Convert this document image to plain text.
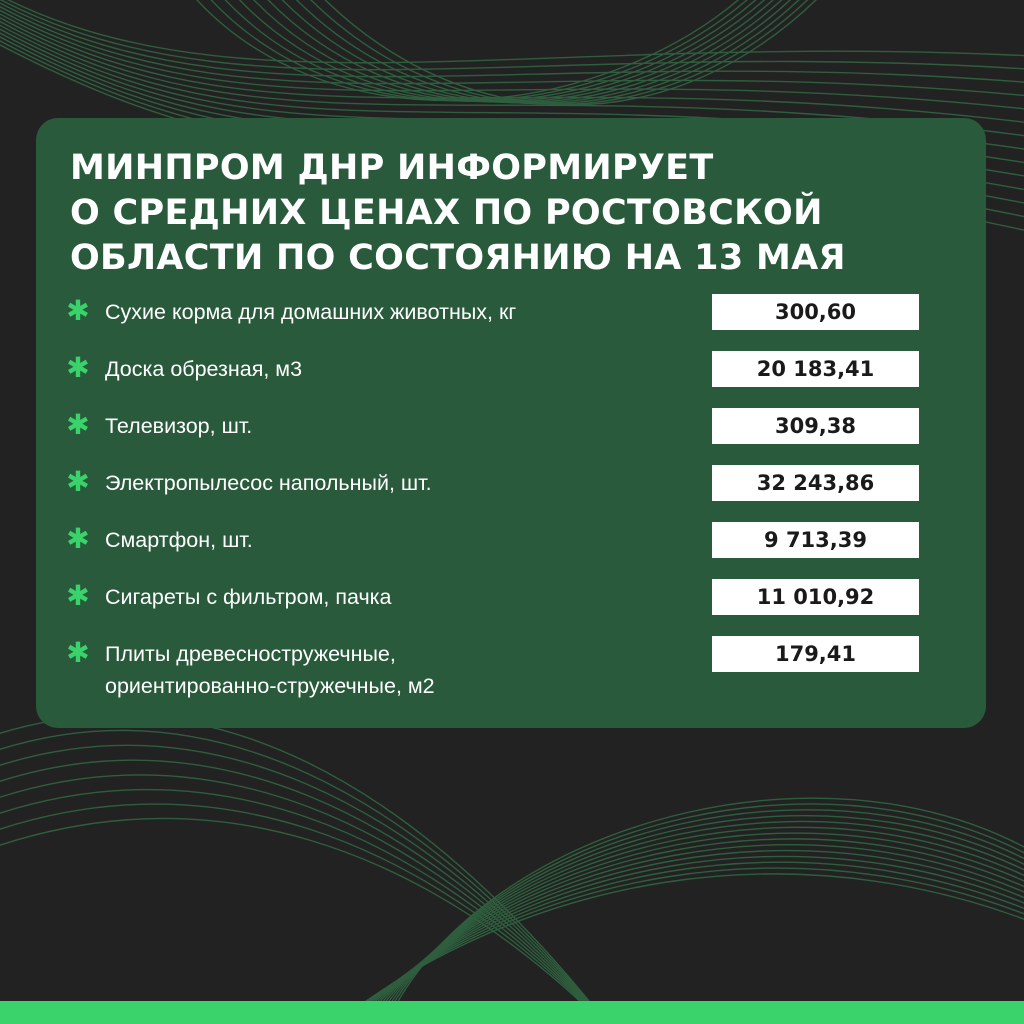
МИНПРОМ ДНР ИНФОРМИРУЕТ
О СРЕДНИХ ЦЕНАХ ПО РОСТОВСКОЙ
ОБЛАСТИ ПО СОСТОЯНИЮ НА 13 МАЯ
✱ Сухие корма для домашних животных, кг	300,60
✱ Доска обрезная, м3	20 183,41
✱ Телевизор, шт.	309,38
✱ Электропылесос напольный, шт.	32 243,86
✱ Смартфон, шт.	9 713,39
✱ Сигареты с фильтром, пачка	11 010,92
✱ Плиты древесностружечные,
ориентированно-стружечные, м2
179,41
